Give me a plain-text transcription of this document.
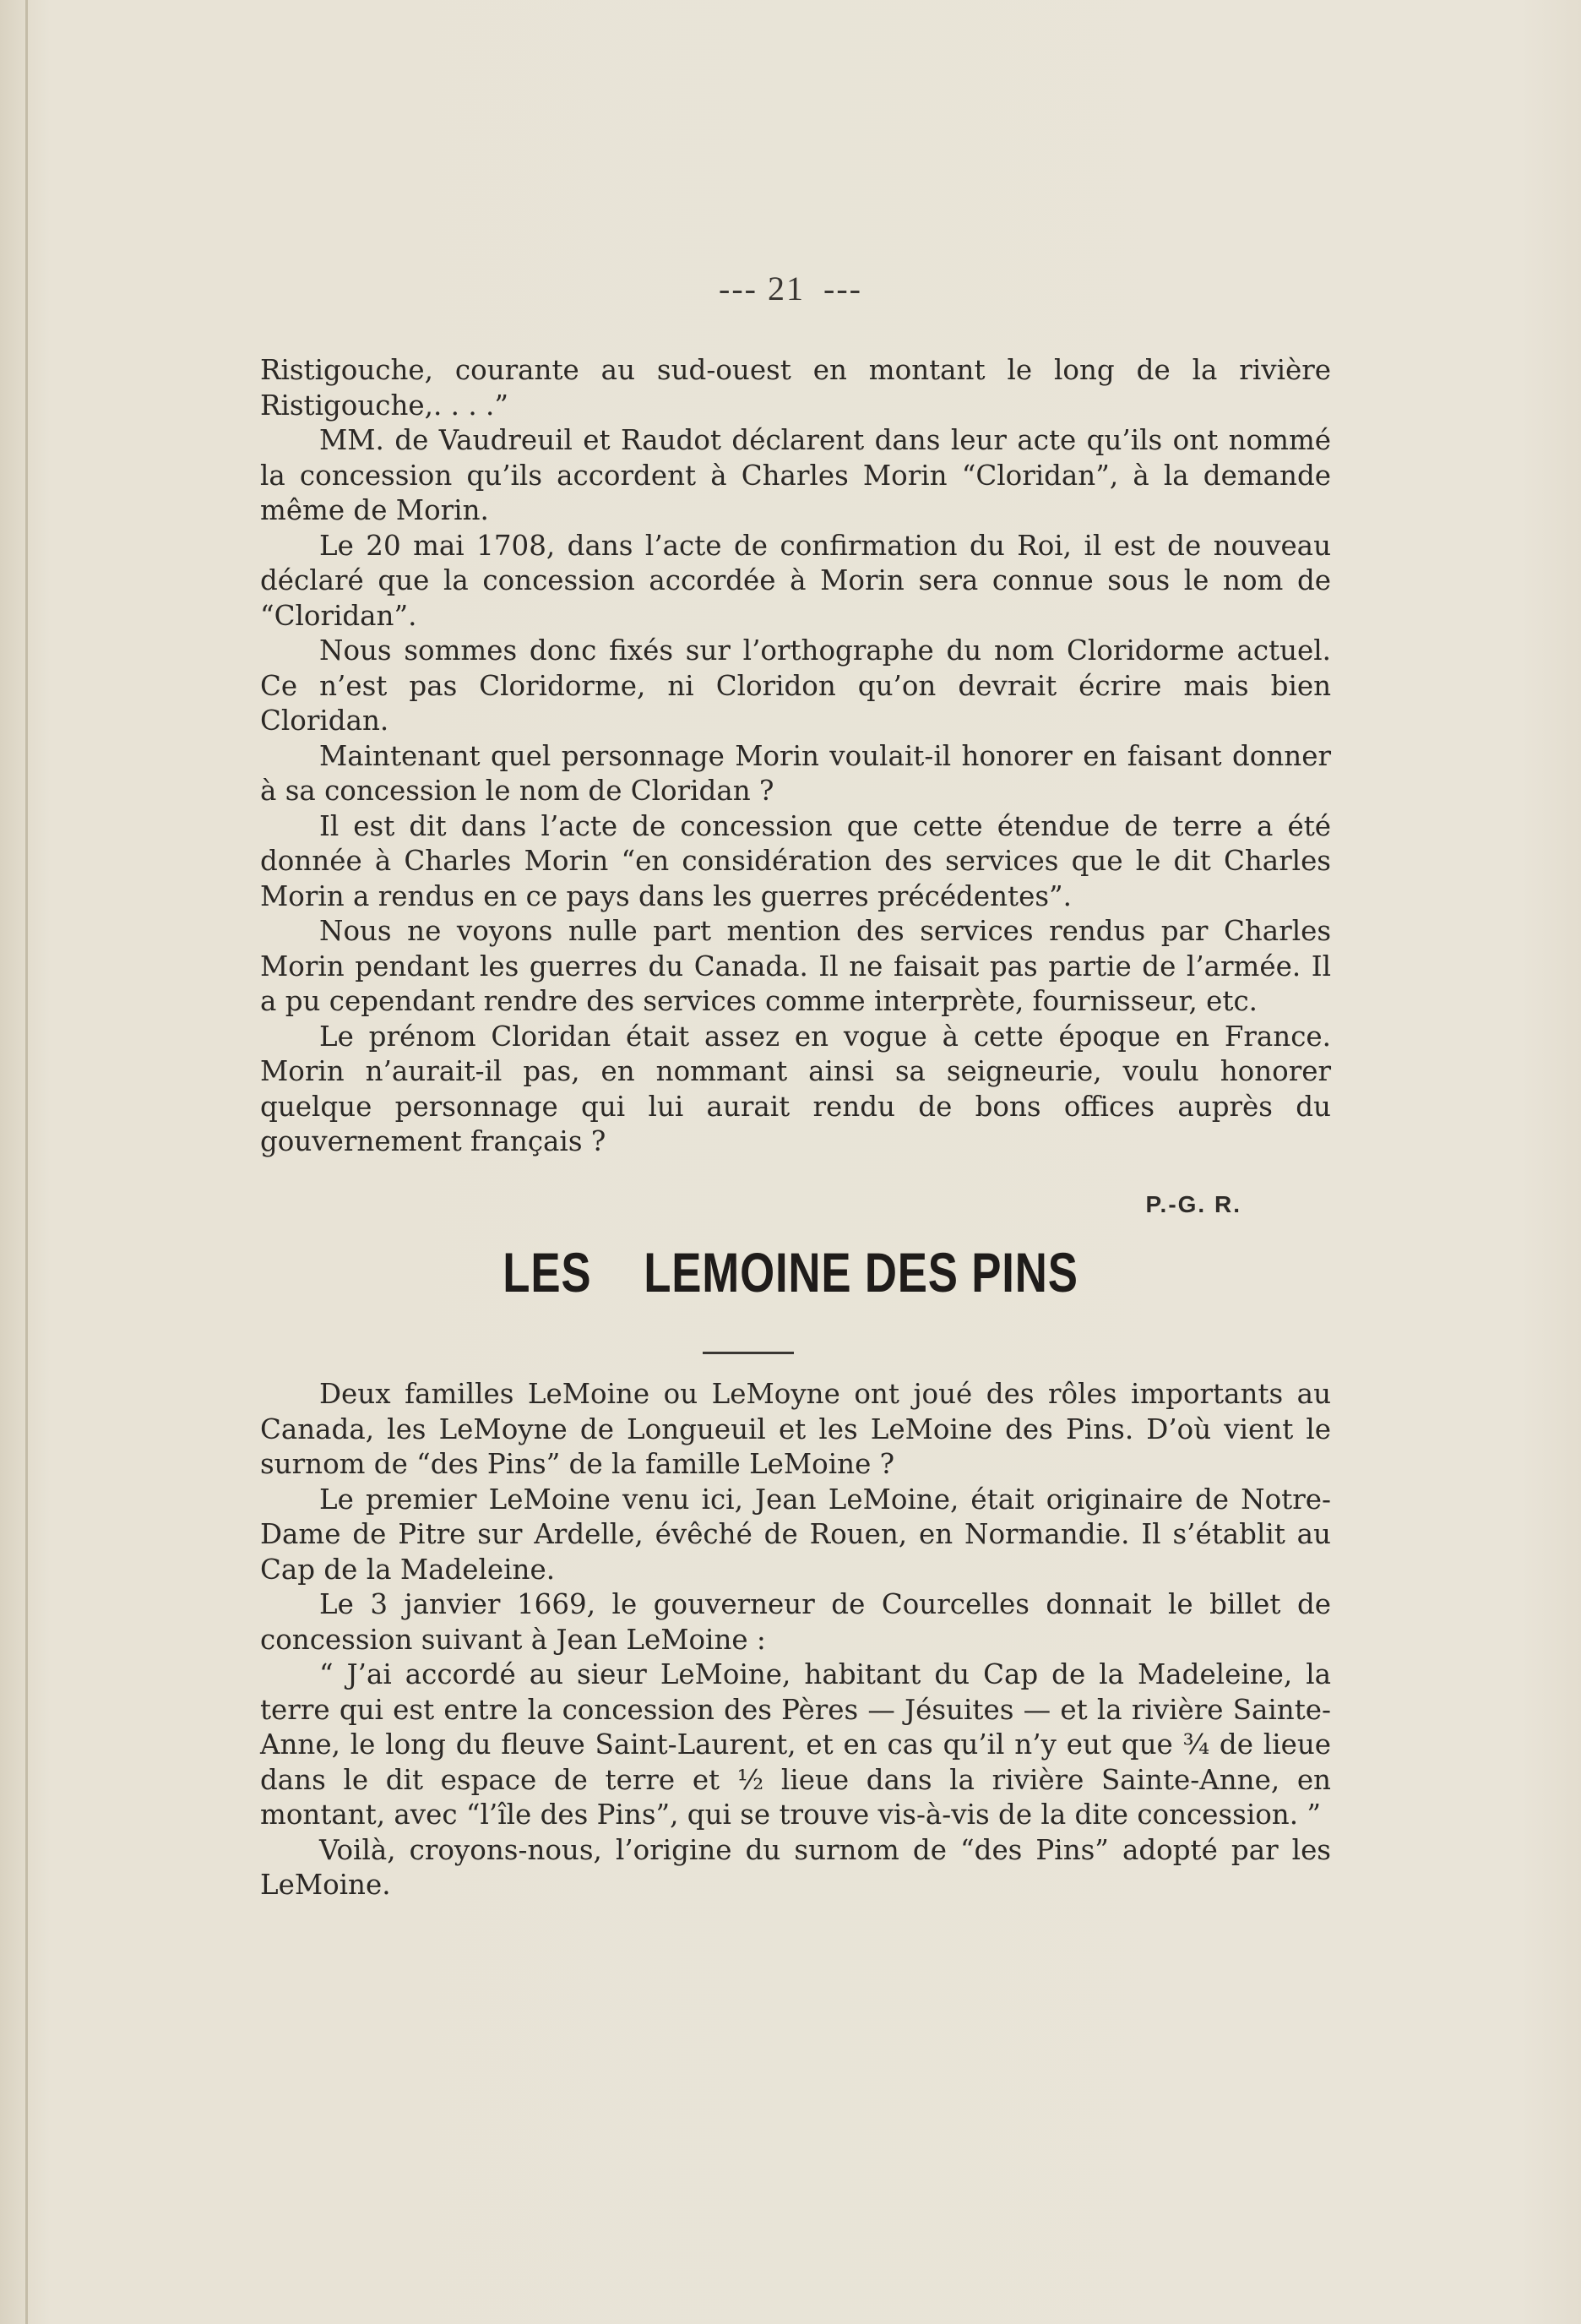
--- 21  ---

Ristigouche, courante au sud-ouest en montant le long de la rivière Ristigouche,. . . .”

MM. de Vaudreuil et Raudot déclarent dans leur acte qu’ils ont nommé la concession qu’ils accordent à Charles Morin “Cloridan”, à la demande même de Morin.

Le 20 mai 1708, dans l’acte de confirmation du Roi, il est de nouveau déclaré que la concession accordée à Morin sera connue sous le nom de “Cloridan”.

Nous sommes donc fixés sur l’orthographe du nom Cloridorme actuel. Ce n’est pas Cloridorme, ni Cloridon qu’on devrait écrire mais bien Cloridan.

Maintenant quel personnage Morin voulait-il honorer en faisant donner à sa concession le nom de Cloridan ?

Il est dit dans l’acte de concession que cette étendue de terre a été donnée à Charles Morin “en considération des services que le dit Charles Morin a rendus en ce pays dans les guerres précédentes”.

Nous ne voyons nulle part mention des services rendus par Charles Morin pendant les guerres du Canada. Il ne faisait pas partie de l’armée. Il a pu cependant rendre des services comme interprète, fournisseur, etc.

Le prénom Cloridan était assez en vogue à cette époque en France. Morin n’aurait-il pas, en nommant ainsi sa seigneurie, voulu honorer quelque personnage qui lui aurait rendu de bons offices auprès du gouvernement français ?

P.-G. R.
LES    LEMOINE DES PINS

Deux familles LeMoine ou LeMoyne ont joué des rôles importants au Canada, les LeMoyne de Longueuil et les LeMoine des Pins. D’où vient le surnom de “des Pins” de la famille LeMoine ?

Le premier LeMoine venu ici, Jean LeMoine, était originaire de Notre-Dame de Pitre sur Ardelle, évêché de Rouen, en Normandie. Il s’établit au Cap de la Madeleine.

Le 3 janvier 1669, le gouverneur de Courcelles donnait le billet de concession suivant à Jean LeMoine :

“ J’ai accordé au sieur LeMoine, habitant du Cap de la Madeleine, la terre qui est entre la concession des Pères — Jésuites — et la rivière Sainte-Anne, le long du fleuve Saint-Laurent, et en cas qu’il n’y eut que ¾ de lieue dans le dit espace de terre et ½ lieue dans la rivière Sainte-Anne, en montant, avec “l’île des Pins”, qui se trouve vis-à-vis de la dite concession. ”

Voilà, croyons-nous, l’origine du surnom de “des Pins” adopté par les LeMoine.
